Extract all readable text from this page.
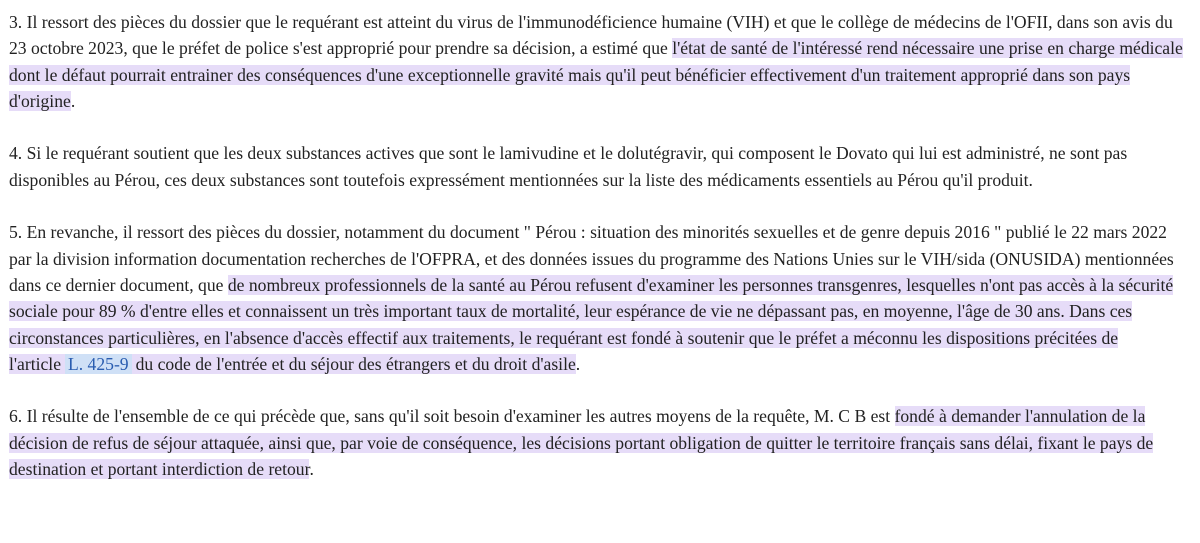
3. Il ressort des pièces du dossier que le requérant est atteint du virus de l'immunodéficience humaine (VIH) et que le collège de médecins de l'OFII, dans son avis du 23 octobre 2023, que le préfet de police s'est approprié pour prendre sa décision, a estimé que l'état de santé de l'intéressé rend nécessaire une prise en charge médicale dont le défaut pourrait entrainer des conséquences d'une exceptionnelle gravité mais qu'il peut bénéficier effectivement d'un traitement approprié dans son pays d'origine.

4. Si le requérant soutient que les deux substances actives que sont le lamivudine et le dolutégravir, qui composent le Dovato qui lui est administré, ne sont pas disponibles au Pérou, ces deux substances sont toutefois expressément mentionnées sur la liste des médicaments essentiels au Pérou qu'il produit.

5. En revanche, il ressort des pièces du dossier, notamment du document " Pérou : situation des minorités sexuelles et de genre depuis 2016 " publié le 22 mars 2022 par la division information documentation recherches de l'OFPRA, et des données issues du programme des Nations Unies sur le VIH/sida (ONUSIDA) mentionnées dans ce dernier document, que de nombreux professionnels de la santé au Pérou refusent d'examiner les personnes transgenres, lesquelles n'ont pas accès à la sécurité sociale pour 89 % d'entre elles et connaissent un très important taux de mortalité, leur espérance de vie ne dépassant pas, en moyenne, l'âge de 30 ans. Dans ces circonstances particulières, en l'absence d'accès effectif aux traitements, le requérant est fondé à soutenir que le préfet a méconnu les dispositions précitées de l'article L. 425-9 du code de l'entrée et du séjour des étrangers et du droit d'asile.

6. Il résulte de l'ensemble de ce qui précède que, sans qu'il soit besoin d'examiner les autres moyens de la requête, M. C B est fondé à demander l'annulation de la décision de refus de séjour attaquée, ainsi que, par voie de conséquence, les décisions portant obligation de quitter le territoire français sans délai, fixant le pays de destination et portant interdiction de retour.
